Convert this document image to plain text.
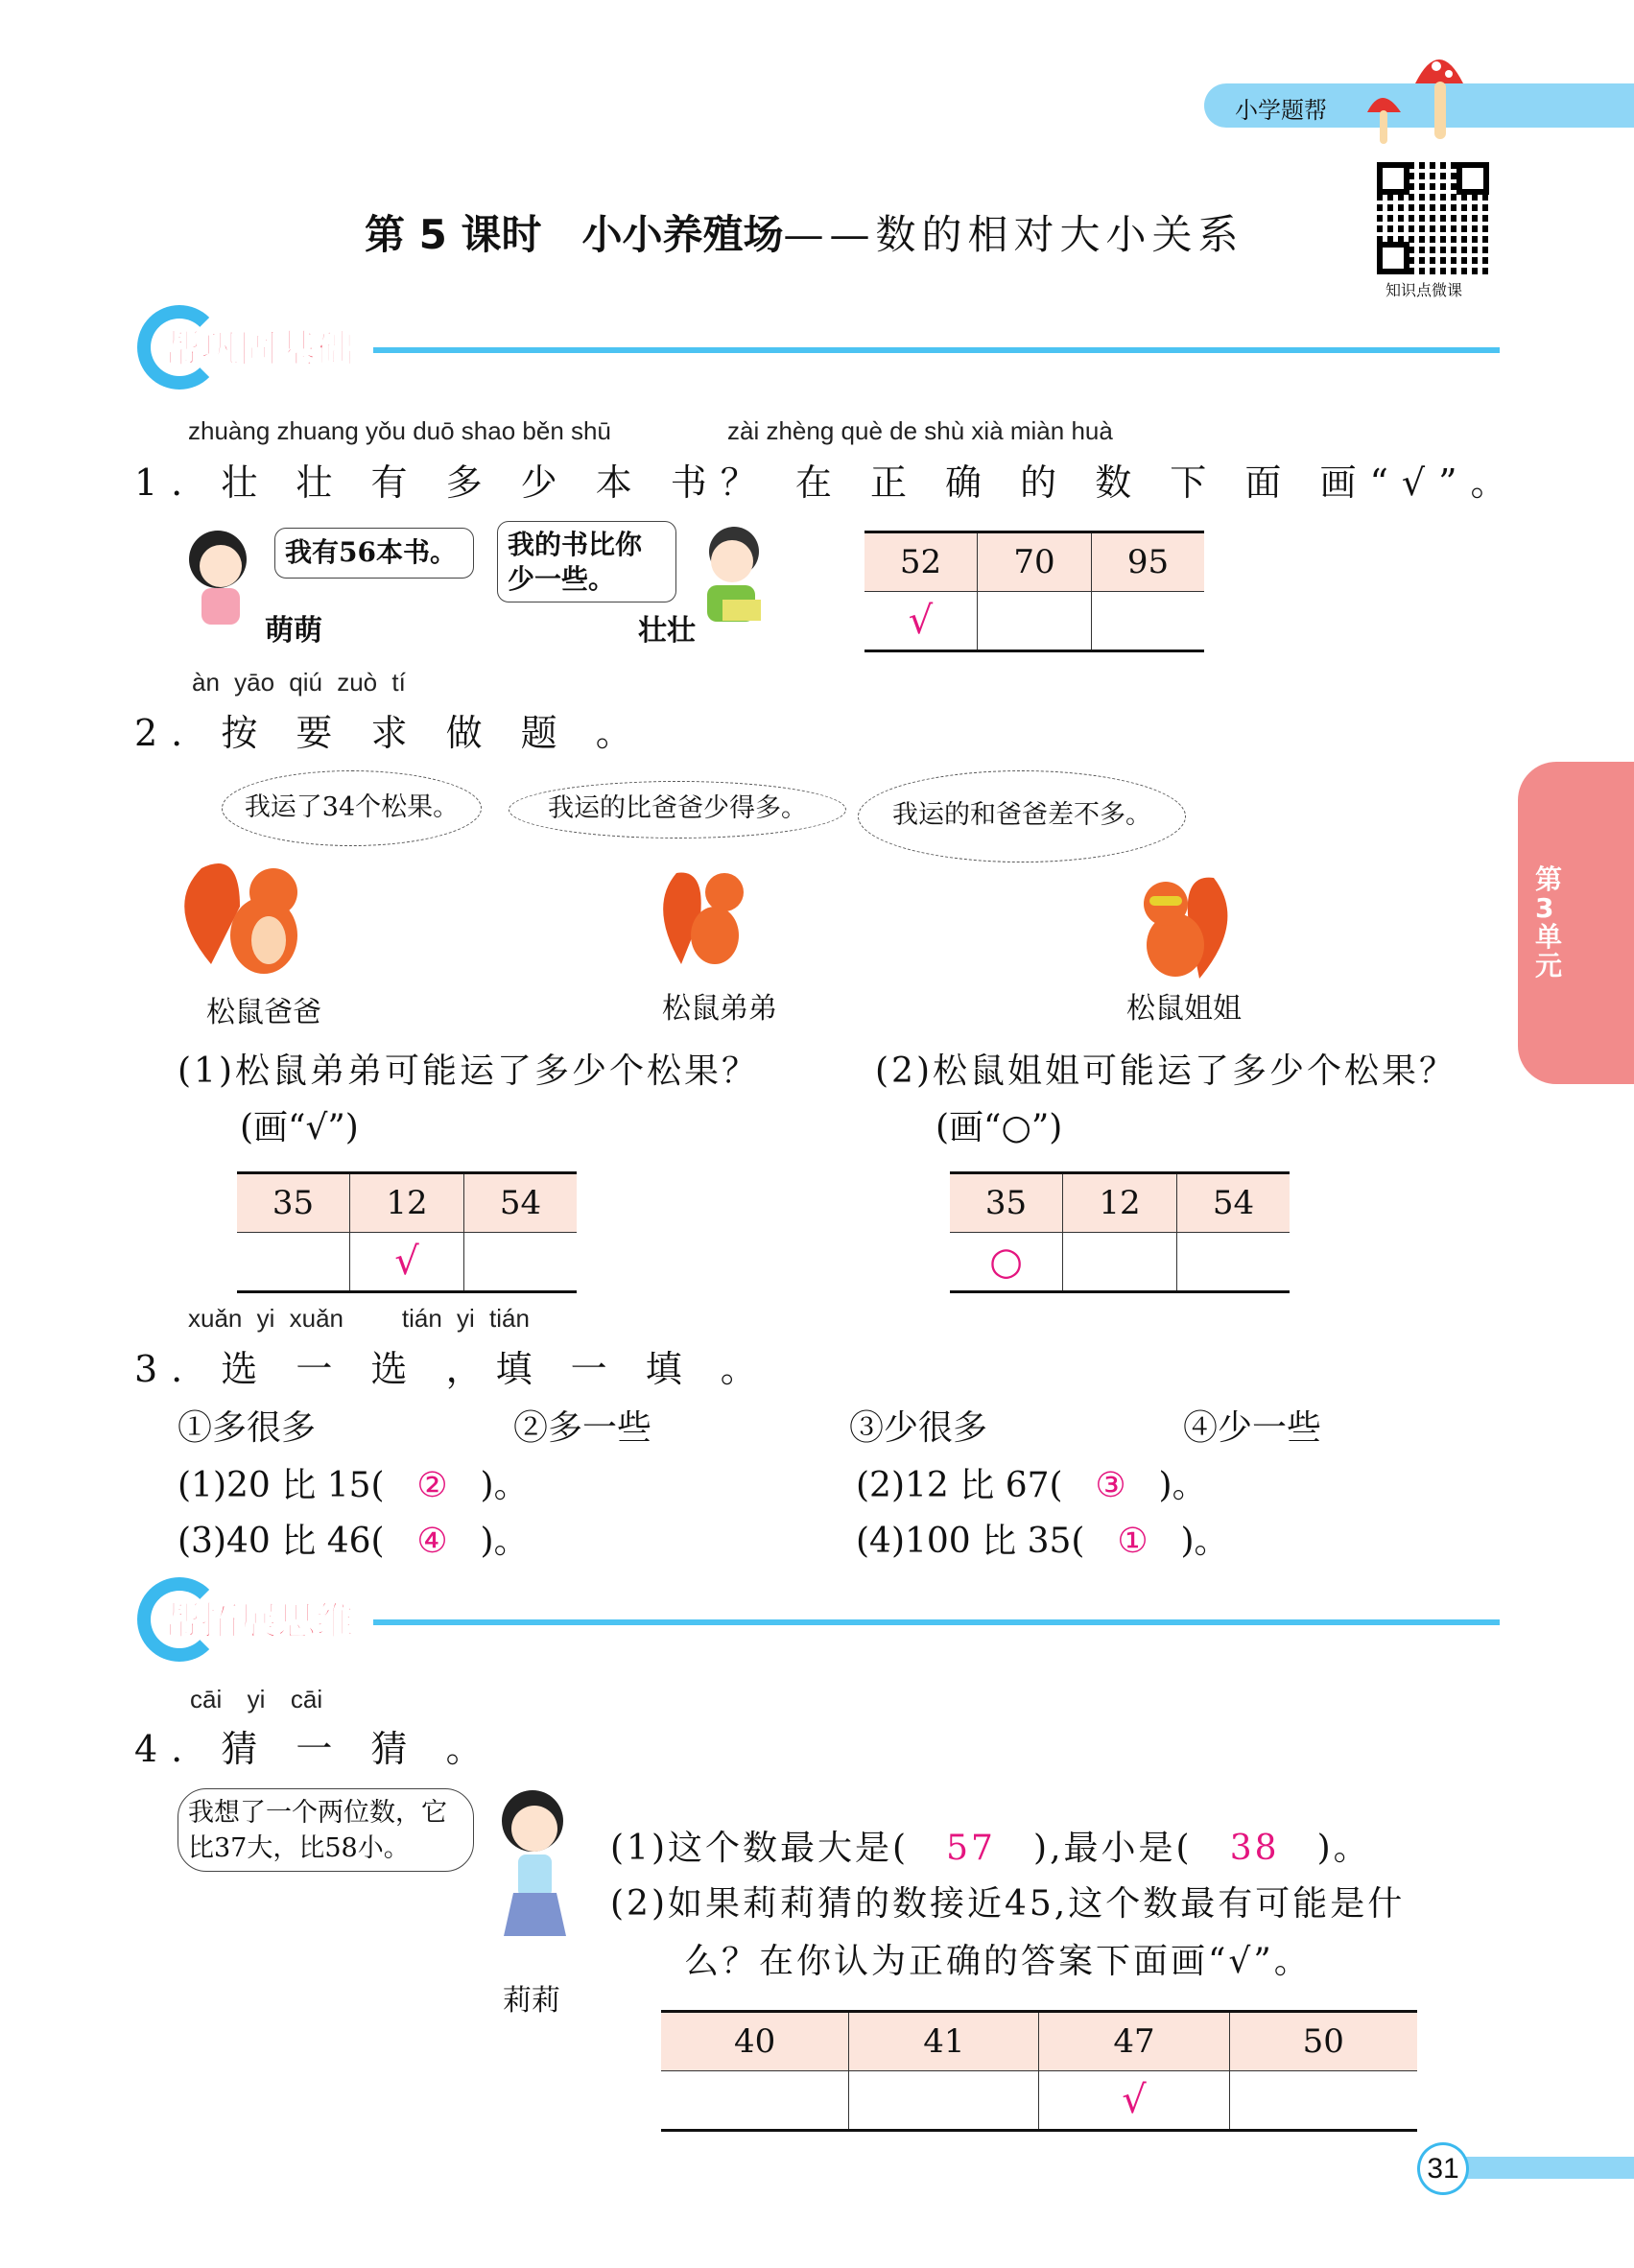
小学题帮
知识点微课
第 5 课时　 小小养殖场——数的相对大小关系
帮巩固基础
zhuàng zhuang yǒu duō shao běn shū	zài zhèng què de shù xià miàn huà
1. 壮 壮 有 多 少 本 书？ 在 正 确 的 数 下 面 画“√”。
我有56本书。	我的书比你少一些。
萌萌	壮壮
52	70	95
√		
àn yāo qiú zuò tí
2. 按 要 求 做 题 。
我运了34个松果。	我运的比爸爸少得多。	我运的和爸爸差不多。
松鼠爸爸	松鼠弟弟	松鼠姐姐
(1)松鼠弟弟可能运了多少个松果？
(画“√”)
(2)松鼠姐姐可能运了多少个松果？
(画“○”)
35	12	54
	√	
35	12	54
○		
xuǎn yi xuǎn    tián yi tián
3. 选 一 选 ，填 一 填 。
①多很多	②多一些	③少很多	④少一些
(1)20 比 15( ② )。	(2)12 比 67( ③ )。
(3)40 比 46( ④ )。	(4)100 比 35( ① )。
帮拓展思维
cāi  yi  cāi
4. 猜 一 猜 。
我想了一个两位数，它比37大，比58小。
莉莉
(1)这个数最大是( 57 ),最小是( 38 )。
(2)如果莉莉猜的数接近45,这个数最有可能是什
么？在你认为正确的答案下面画“√”。
40	41	47	50
		√	
第3单元
31
